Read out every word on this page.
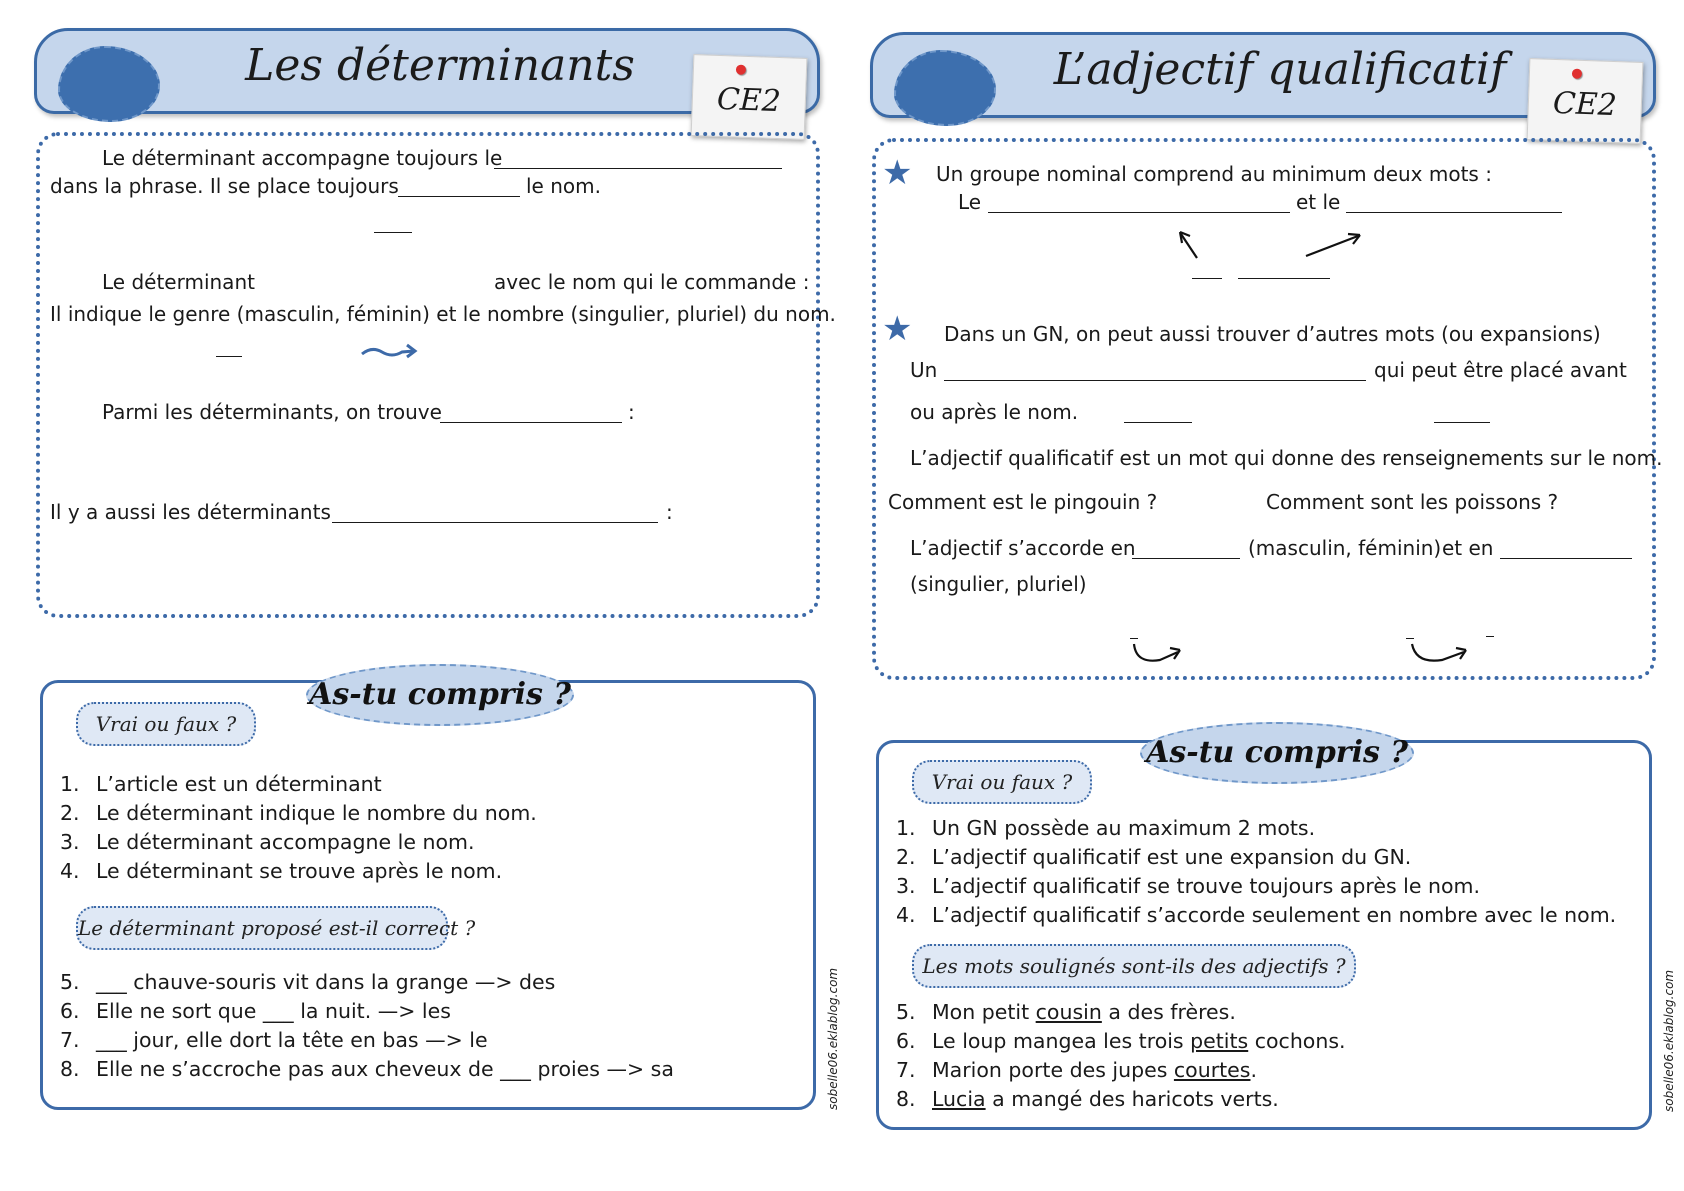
Les déterminants
CE2
Le déterminant accompagne toujours le
dans la phrase. Il se place toujours	le nom.
Le déterminant	avec le nom qui le commande :
Il indique le genre (masculin, féminin) et le nombre (singulier, pluriel) du nom.
Parmi les déterminants, on trouve	:
Il y a aussi les déterminants	:
As-tu compris ?
Vrai ou faux ?
1. L’article est un déterminant
2. Le déterminant indique le nombre du nom.
3. Le déterminant accompagne le nom.
4. Le déterminant se trouve après le nom.
Le déterminant proposé est-il correct ?
5. ___ chauve-souris vit dans la grange —> des
6. Elle ne sort que ___ la nuit. —> les
7. ___ jour, elle dort la tête en bas —> le
8. Elle ne s’accroche pas aux cheveux de ___ proies —> sa	sobelle06.eklablog.com
L’adjectif qualificatif
CE2
★ Un groupe nominal comprend au minimum deux mots :
Le	et le
★ Dans un GN, on peut aussi trouver d’autres mots (ou expansions)
Un	qui peut être placé avant
ou après le nom.
L’adjectif qualificatif est un mot qui donne des renseignements sur le nom.
Comment est le pingouin ?	Comment sont les poissons ?
L’adjectif s’accorde en	(masculin, féminin) et en
(singulier, pluriel)
As-tu compris ?
Vrai ou faux ?
1. Un GN possède au maximum 2 mots.
2. L’adjectif qualificatif est une expansion du GN.
3. L’adjectif qualificatif se trouve toujours après le nom.
4. L’adjectif qualificatif s’accorde seulement en nombre avec le nom.
Les mots soulignés sont-ils des adjectifs ?
5. Mon petit cousin a des frères.
6. Le loup mangea les trois petits cochons.
7. Marion porte des jupes courtes.
8. Lucia a mangé des haricots verts.	sobelle06.eklablog.com
